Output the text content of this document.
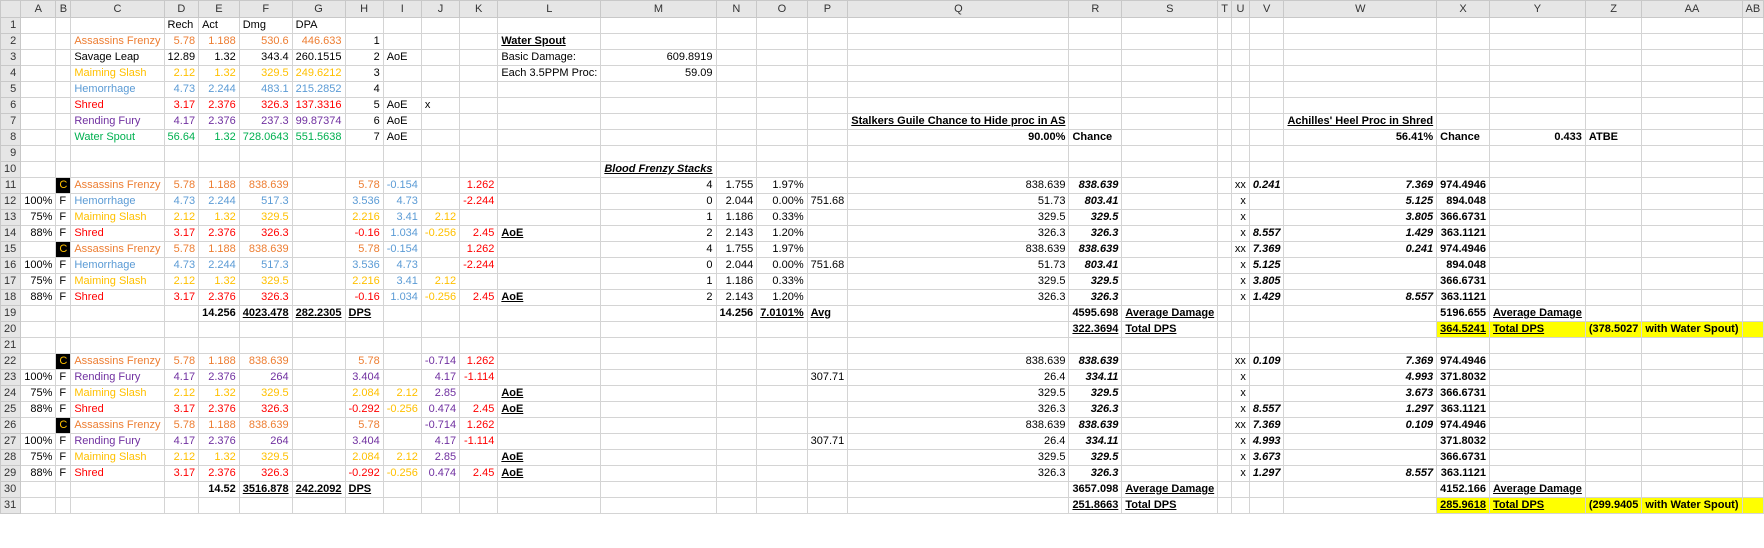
	A	B	C	D	E	F	G	H	I	J	K	L	M	N	O	P	Q	R	S	T	U	V	W	X	Y	Z	AA	AB
1				Rech	Act	Dmg	DPA																					
2			Assassins Frenzy	5.78	1.188	530.6	446.633	1				Water Spout																
3			Savage Leap	12.89	1.32	343.4	260.1515	2	AoE			Basic Damage:	609.8919															
4			Maiming Slash	2.12	1.32	329.5	249.6212	3				Each 3.5PPM Proc:	59.09															
5			Hemorrhage	4.73	2.244	483.1	215.2852	4																				
6			Shred	3.17	2.376	326.3	137.3316	5	AoE	x																		
7			Rending Fury	4.17	2.376	237.3	99.87374	6	AoE								Stalkers Guile Chance to Hide proc in AS						Achilles' Heel Proc in Shred					
8			Water Spout	56.64	1.32	728.0643	551.5638	7	AoE								90.00%	Chance					56.41%	Chance	0.433	ATBE		
9																												
10													Blood Frenzy Stacks															
11		C	Assassins Frenzy	5.78	1.188	838.639		5.78	-0.154		1.262		4	1.755	1.97%		838.639	838.639			xx	0.241	7.369	974.4946				
12	100%	F	Hemorrhage	4.73	2.244	517.3		3.536	4.73		-2.244		0	2.044	0.00%	751.68	51.73	803.41			x		5.125	894.048				
13	75%	F	Maiming Slash	2.12	1.32	329.5		2.216	3.41	2.12			1	1.186	0.33%		329.5	329.5			x		3.805	366.6731				
14	88%	F	Shred	3.17	2.376	326.3		-0.16	1.034	-0.256	2.45	AoE	2	2.143	1.20%		326.3	326.3			x	8.557	1.429	363.1121				
15		C	Assassins Frenzy	5.78	1.188	838.639		5.78	-0.154		1.262		4	1.755	1.97%		838.639	838.639			xx	7.369	0.241	974.4946				
16	100%	F	Hemorrhage	4.73	2.244	517.3		3.536	4.73		-2.244		0	2.044	0.00%	751.68	51.73	803.41			x	5.125		894.048				
17	75%	F	Maiming Slash	2.12	1.32	329.5		2.216	3.41	2.12			1	1.186	0.33%		329.5	329.5			x	3.805		366.6731				
18	88%	F	Shred	3.17	2.376	326.3		-0.16	1.034	-0.256	2.45	AoE	2	2.143	1.20%		326.3	326.3			x	1.429	8.557	363.1121				
19					14.256	4023.478	282.2305	DPS						14.256	7.0101%	Avg		4595.698	Average Damage					5196.655	Average Damage			
20																		322.3694	Total DPS					364.5241	Total DPS	(378.5027	with Water Spout)	
21																												
22		C	Assassins Frenzy	5.78	1.188	838.639		5.78		-0.714	1.262						838.639	838.639			xx	0.109	7.369	974.4946				
23	100%	F	Rending Fury	4.17	2.376	264		3.404		4.17	-1.114					307.71	26.4	334.11			x		4.993	371.8032				
24	75%	F	Maiming Slash	2.12	1.32	329.5		2.084	2.12	2.85		AoE					329.5	329.5			x		3.673	366.6731				
25	88%	F	Shred	3.17	2.376	326.3		-0.292	-0.256	0.474	2.45	AoE					326.3	326.3			x	8.557	1.297	363.1121				
26		C	Assassins Frenzy	5.78	1.188	838.639		5.78		-0.714	1.262						838.639	838.639			xx	7.369	0.109	974.4946				
27	100%	F	Rending Fury	4.17	2.376	264		3.404		4.17	-1.114					307.71	26.4	334.11			x	4.993		371.8032				
28	75%	F	Maiming Slash	2.12	1.32	329.5		2.084	2.12	2.85		AoE					329.5	329.5			x	3.673		366.6731				
29	88%	F	Shred	3.17	2.376	326.3		-0.292	-0.256	0.474	2.45	AoE					326.3	326.3			x	1.297	8.557	363.1121				
30					14.52	3516.878	242.2092	DPS										3657.098	Average Damage					4152.166	Average Damage			
31																		251.8663	Total DPS					285.9618	Total DPS	(299.9405	with Water Spout)	
